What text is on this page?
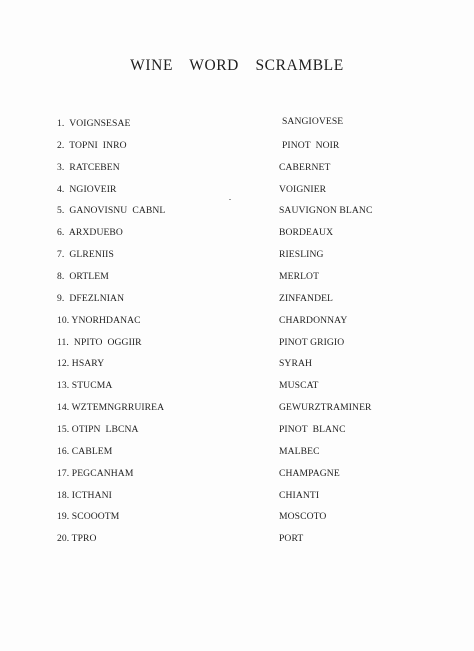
WINE WORD SCRAMBLE
1.  VOIGNSESAE	SANGIOVESE
2.  TOPNI  INRO	PINOT  NOIR
3.  RATCEBEN	CABERNET
4.  NGIOVEIR	VOIGNIER
5.  GANOVISNU  CABNL	SAUVIGNON BLANC
6.  ARXDUEBO	BORDEAUX
7.  GLRENIIS	RIESLING
8.  ORTLEM	MERLOT
9.  DFEZLNIAN	ZINFANDEL
10. YNORHDANAC	CHARDONNAY
11.  NPITO  OGGIIR	PINOT GRIGIO
12. HSARY	SYRAH
13. STUCMA	MUSCAT
14. WZTEMNGRRUIREA	GEWURZTRAMINER
15. OTIPN  LBCNA	PINOT  BLANC
16. CABLEM	MALBEC
17. PEGCANHAM	CHAMPAGNE
18. ICTHANI	CHIANTI
19. SCOOOTM	MOSCOTO
20. TPRO	PORT
